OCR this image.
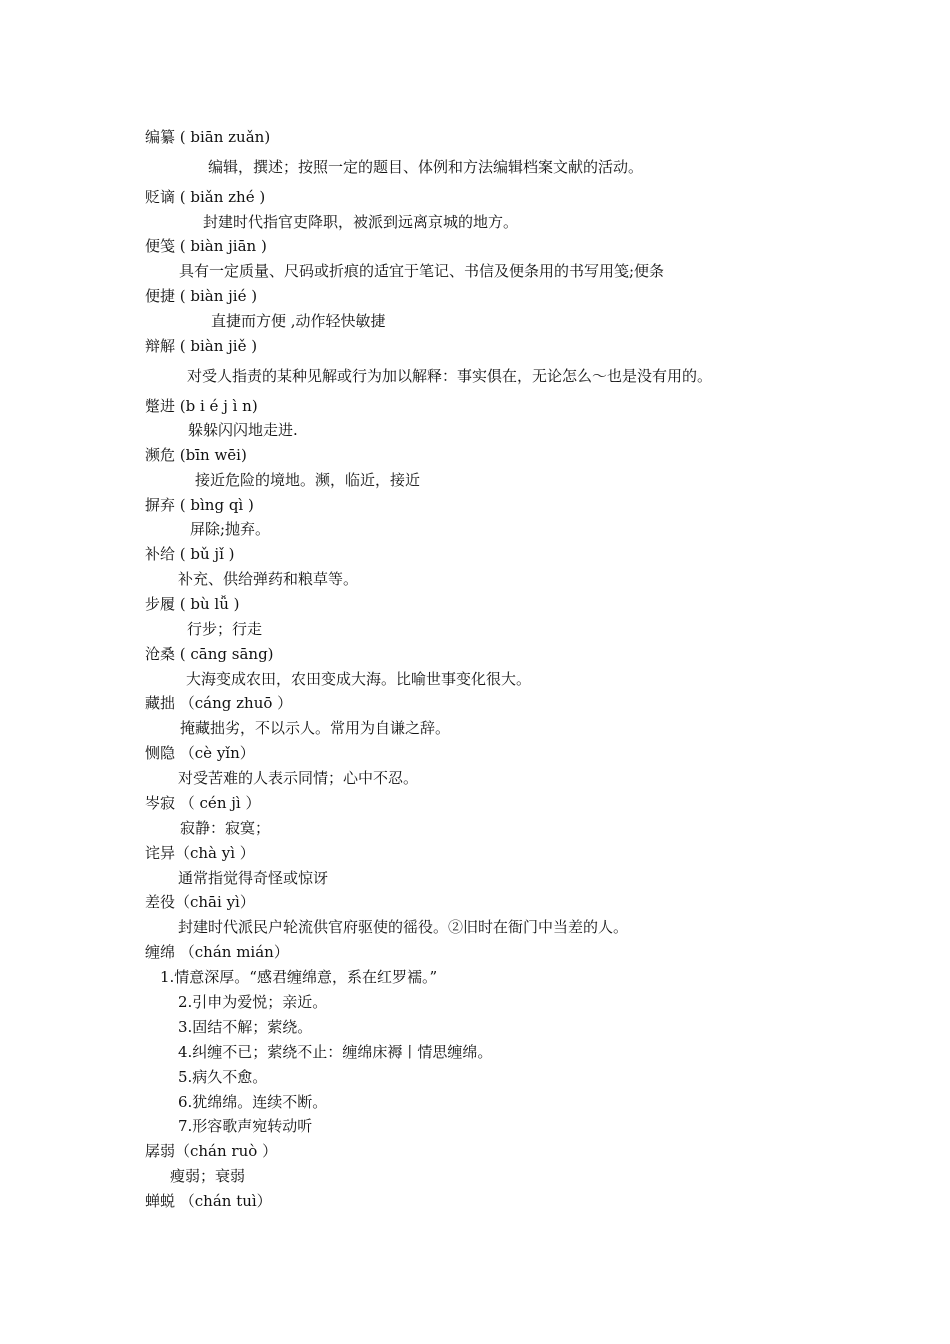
编纂 ( biān zuǎn)
编辑，撰述；按照一定的题目、体例和方法编辑档案文献的活动。
贬谪 ( biǎn zhé )
封建时代指官吏降职，被派到远离京城的地方。
便笺 ( biàn jiān )
具有一定质量、尺码或折痕的适宜于笔记、书信及便条用的书写用笺;便条
便捷 ( biàn jié )
直捷而方便 ,动作轻快敏捷
辩解 ( biàn jiě )
对受人指责的某种见解或行为加以解释：事实俱在，无论怎么～也是没有用的。
蹩进 (b i é j ì n)
躲躲闪闪地走进.
濒危 (bīn wēi)
接近危险的境地。濒，临近，接近
摒弃 ( bìng qì )
屏除;抛弃。
补给 ( bǔ jǐ )
补充、供给弹药和粮草等。
步履 ( bù lǚ )
行步；行走
沧桑 ( cāng sāng)
大海变成农田，农田变成大海。比喻世事变化很大。
藏拙 （cáng zhuō ）
掩藏拙劣，不以示人。常用为自谦之辞。
恻隐 （cè yǐn）
对受苦难的人表示同情；心中不忍。
岑寂 （ cén jì ）
寂静：寂寞；
诧异（chà yì ）
通常指觉得奇怪或惊讶
差役（chāi yì）
封建时代派民户轮流供官府驱使的徭役。②旧时在衙门中当差的人。
缠绵 （chán mián）
1.情意深厚。“感君缠绵意，系在红罗襦。”
2.引申为爱悦；亲近。
3.固结不解；萦绕。
4.纠缠不已；萦绕不止：缠绵床褥丨情思缠绵。
5.病久不愈。
6.犹绵绵。连续不断。
7.形容歌声宛转动听
孱弱（chán ruò ）
瘦弱；衰弱
蝉蜕 （chán tuì）
